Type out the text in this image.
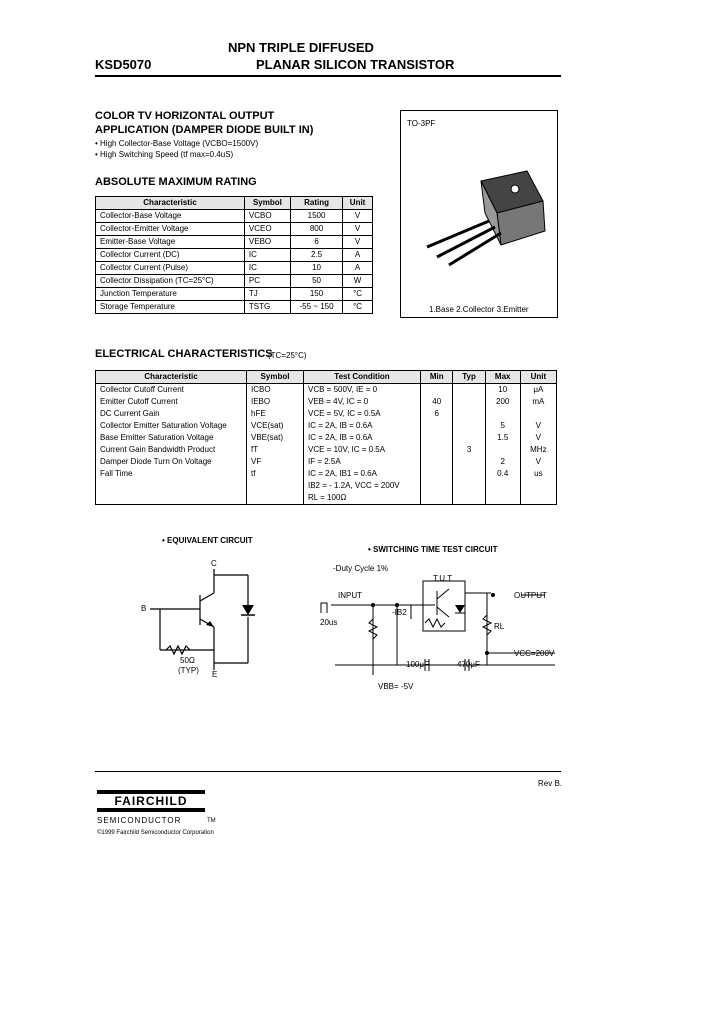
NPN TRIPLE DIFFUSED
KSD5070	PLANAR SILICON TRANSISTOR
COLOR TV HORIZONTAL OUTPUT
APPLICATION (DAMPER DIODE BUILT IN)
• High Collector-Base Voltage (VCBO=1500V)
• High Switching Speed (tf max=0.4uS)
ABSOLUTE MAXIMUM RATING
Characteristic	Symbol	Rating	Unit
Collector-Base Voltage	VCBO	1500	V
Collector-Emitter Voltage	VCEO	800	V
Emitter-Base Voltage	VEBO	6	V
Collector Current (DC)	IC	2.5	A
Collector Current (Pulse)	IC	10	A
Collector Dissipation (TC=25°C)	PC	50	W
Junction Temperature	TJ	150	°C
Storage Temperature	TSTG	-55 ~ 150	°C
TO-3PF
1.Base 2.Collector 3.Emitter
ELECTRICAL CHARACTERISTICS
(TC=25°C)
Characteristic	Symbol	Test Condition	Min	Typ	Max	Unit
Collector Cutoff Current	ICBO	VCB = 500V, IE = 0			10	μA
Emitter Cutoff Current	IEBO	VEB = 4V, IC = 0	40		200	mA
DC Current Gain	hFE	VCE = 5V, IC = 0.5A	6			
Collector Emitter Saturation Voltage	VCE(sat)	IC = 2A, IB = 0.6A			5	V
Base Emitter Saturation Voltage	VBE(sat)	IC = 2A, IB = 0.6A			1.5	V
Current Gain Bandwidth Product	fT	VCE = 10V, IC = 0.5A		3		MHz
Damper Diode Turn On Voltage	VF	IF = 2.5A			2	V
Fall Time	tf	IC = 2A, IB1 = 0.6A			0.4	us
		IB2 = - 1.2A, VCC = 200V				
		RL = 100Ω				
• EQUIVALENT CIRCUIT
C
B
E
50Ω
(TYP)
• SWITCHING TIME TEST CIRCUIT
-Duty Cycle 1%
INPUT
20us
-IB2
T.U.T
OUTPUT
RL
VCC=200V
100μF	470μF
VBB= -5V
Rev B.
FAIRCHILD
SEMICONDUCTOR	TM
©1999 Fairchild Semiconductor Corporation
